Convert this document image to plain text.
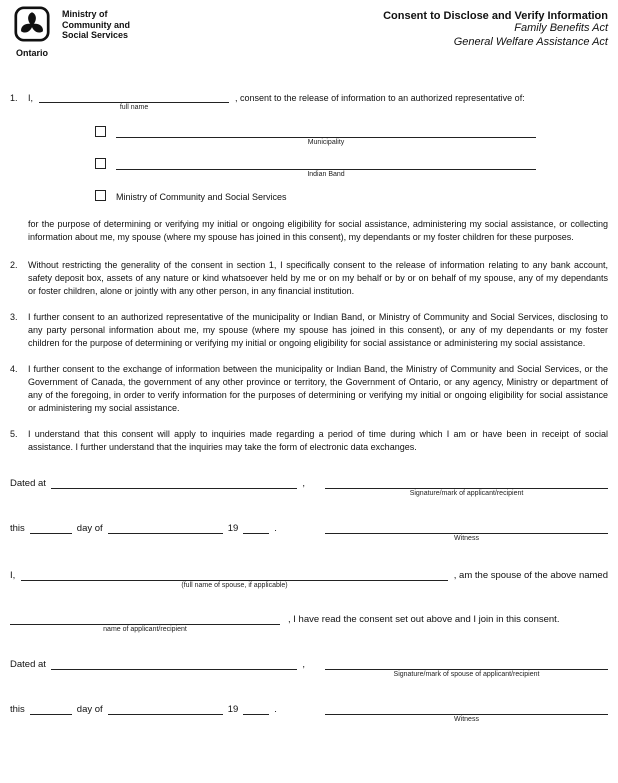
Ontario
Ministry of
Community and
Social Services
Consent to Disclose and Verify Information
Family Benefits Act
General Welfare Assistance Act
1.	I,
full name
, consent to the release of information to an authorized representative of:
Municipality
Indian Band
Ministry of Community and Social Services

for the purpose of determining or verifying my initial or ongoing eligibility for social assistance, administering my social assistance, or collecting information about me, my spouse (where my spouse has joined in this consent), my dependants or my foster children for these purposes.

2.	Without restricting the generality of the consent in section 1, I specifically consent to the release of information relating to any bank account, safety deposit box, assets of any nature or kind whatsoever held by me or on my behalf or by or on behalf of my spouse, any of my dependants or foster children, alone or jointly with any other person, in any financial institution.

3.	I further consent to an authorized representative of the municipality or Indian Band, or Ministry of Community and Social Services, disclosing to any party personal information about me, my spouse (where my spouse has joined in this consent), or any of my dependants or my foster children for the purpose of determining or verifying my initial or ongoing eligibility for social assistance or administering my social assistance.

4.	I further consent to the exchange of information between the municipality or Indian Band, the Ministry of Community and Social Services, or the Government of Canada, the government of any other province or territory, the Government of Ontario, or any agency, Ministry or department of any of the foregoing, in order to verify information for the purposes of determining or verifying my initial or ongoing eligibility for social assistance or administering my social assistance.

5.	I understand that this consent will apply to inquiries made regarding a period of time during which I am or have been in receipt of social assistance. I further understand that the inquiries may take the form of electronic data exchanges.

Dated at	,
Signature/mark of applicant/recipient
this	day of	19	.
Witness
I,
(full name of spouse, if applicable)
, am the spouse of the above named
name of applicant/recipient
, I have read the consent set out above and I join in this consent.
Dated at	,
Signature/mark of spouse of applicant/recipient
this	day of	19	.
Witness
